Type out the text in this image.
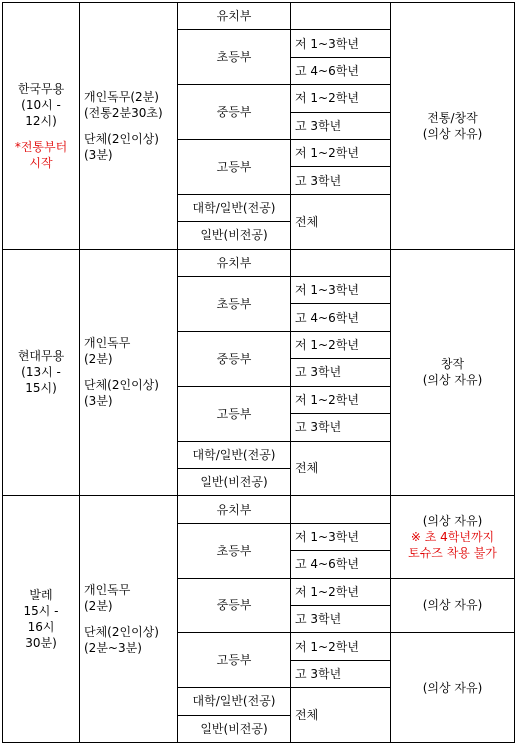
한국무용
(10시 -
12시)
*전통부터
시작	개인독무(2분)
(전통2분30초)
단체(2인이상)
(3분)	유치부		전통/창작
(의상 자유)

		초등부	저 1~3학년	
			고 4~6학년	
		중등부	저 1~2학년	
			고 3학년	
		고등부	저 1~2학년	
			고 3학년	
		대학/일반(전공)	전체	
		일반(비전공)		

현대무용
(13시 -
15시)	개인독무
(2분)
단체(2인이상)
(3분)	유치부		창작
(의상 자유)

		초등부	저 1~3학년	
			고 4~6학년	
		중등부	저 1~2학년	
			고 3학년	
		고등부	저 1~2학년	
			고 3학년	
		대학/일반(전공)	전체	
		일반(비전공)		

발레
15시 -
16시
30분)	개인독무
(2분)
단체(2인이상)
(2분~3분)	유치부		(의상 자유)
※ 초 4학년까지
토슈즈 착용 불가

		초등부	저 1~3학년	
			고 4~6학년	
		중등부	저 1~2학년	(의상 자유)
			고 3학년	
		고등부	저 1~2학년	(의상 자유)
			고 3학년	
		대학/일반(전공)	전체	
		일반(비전공)		
